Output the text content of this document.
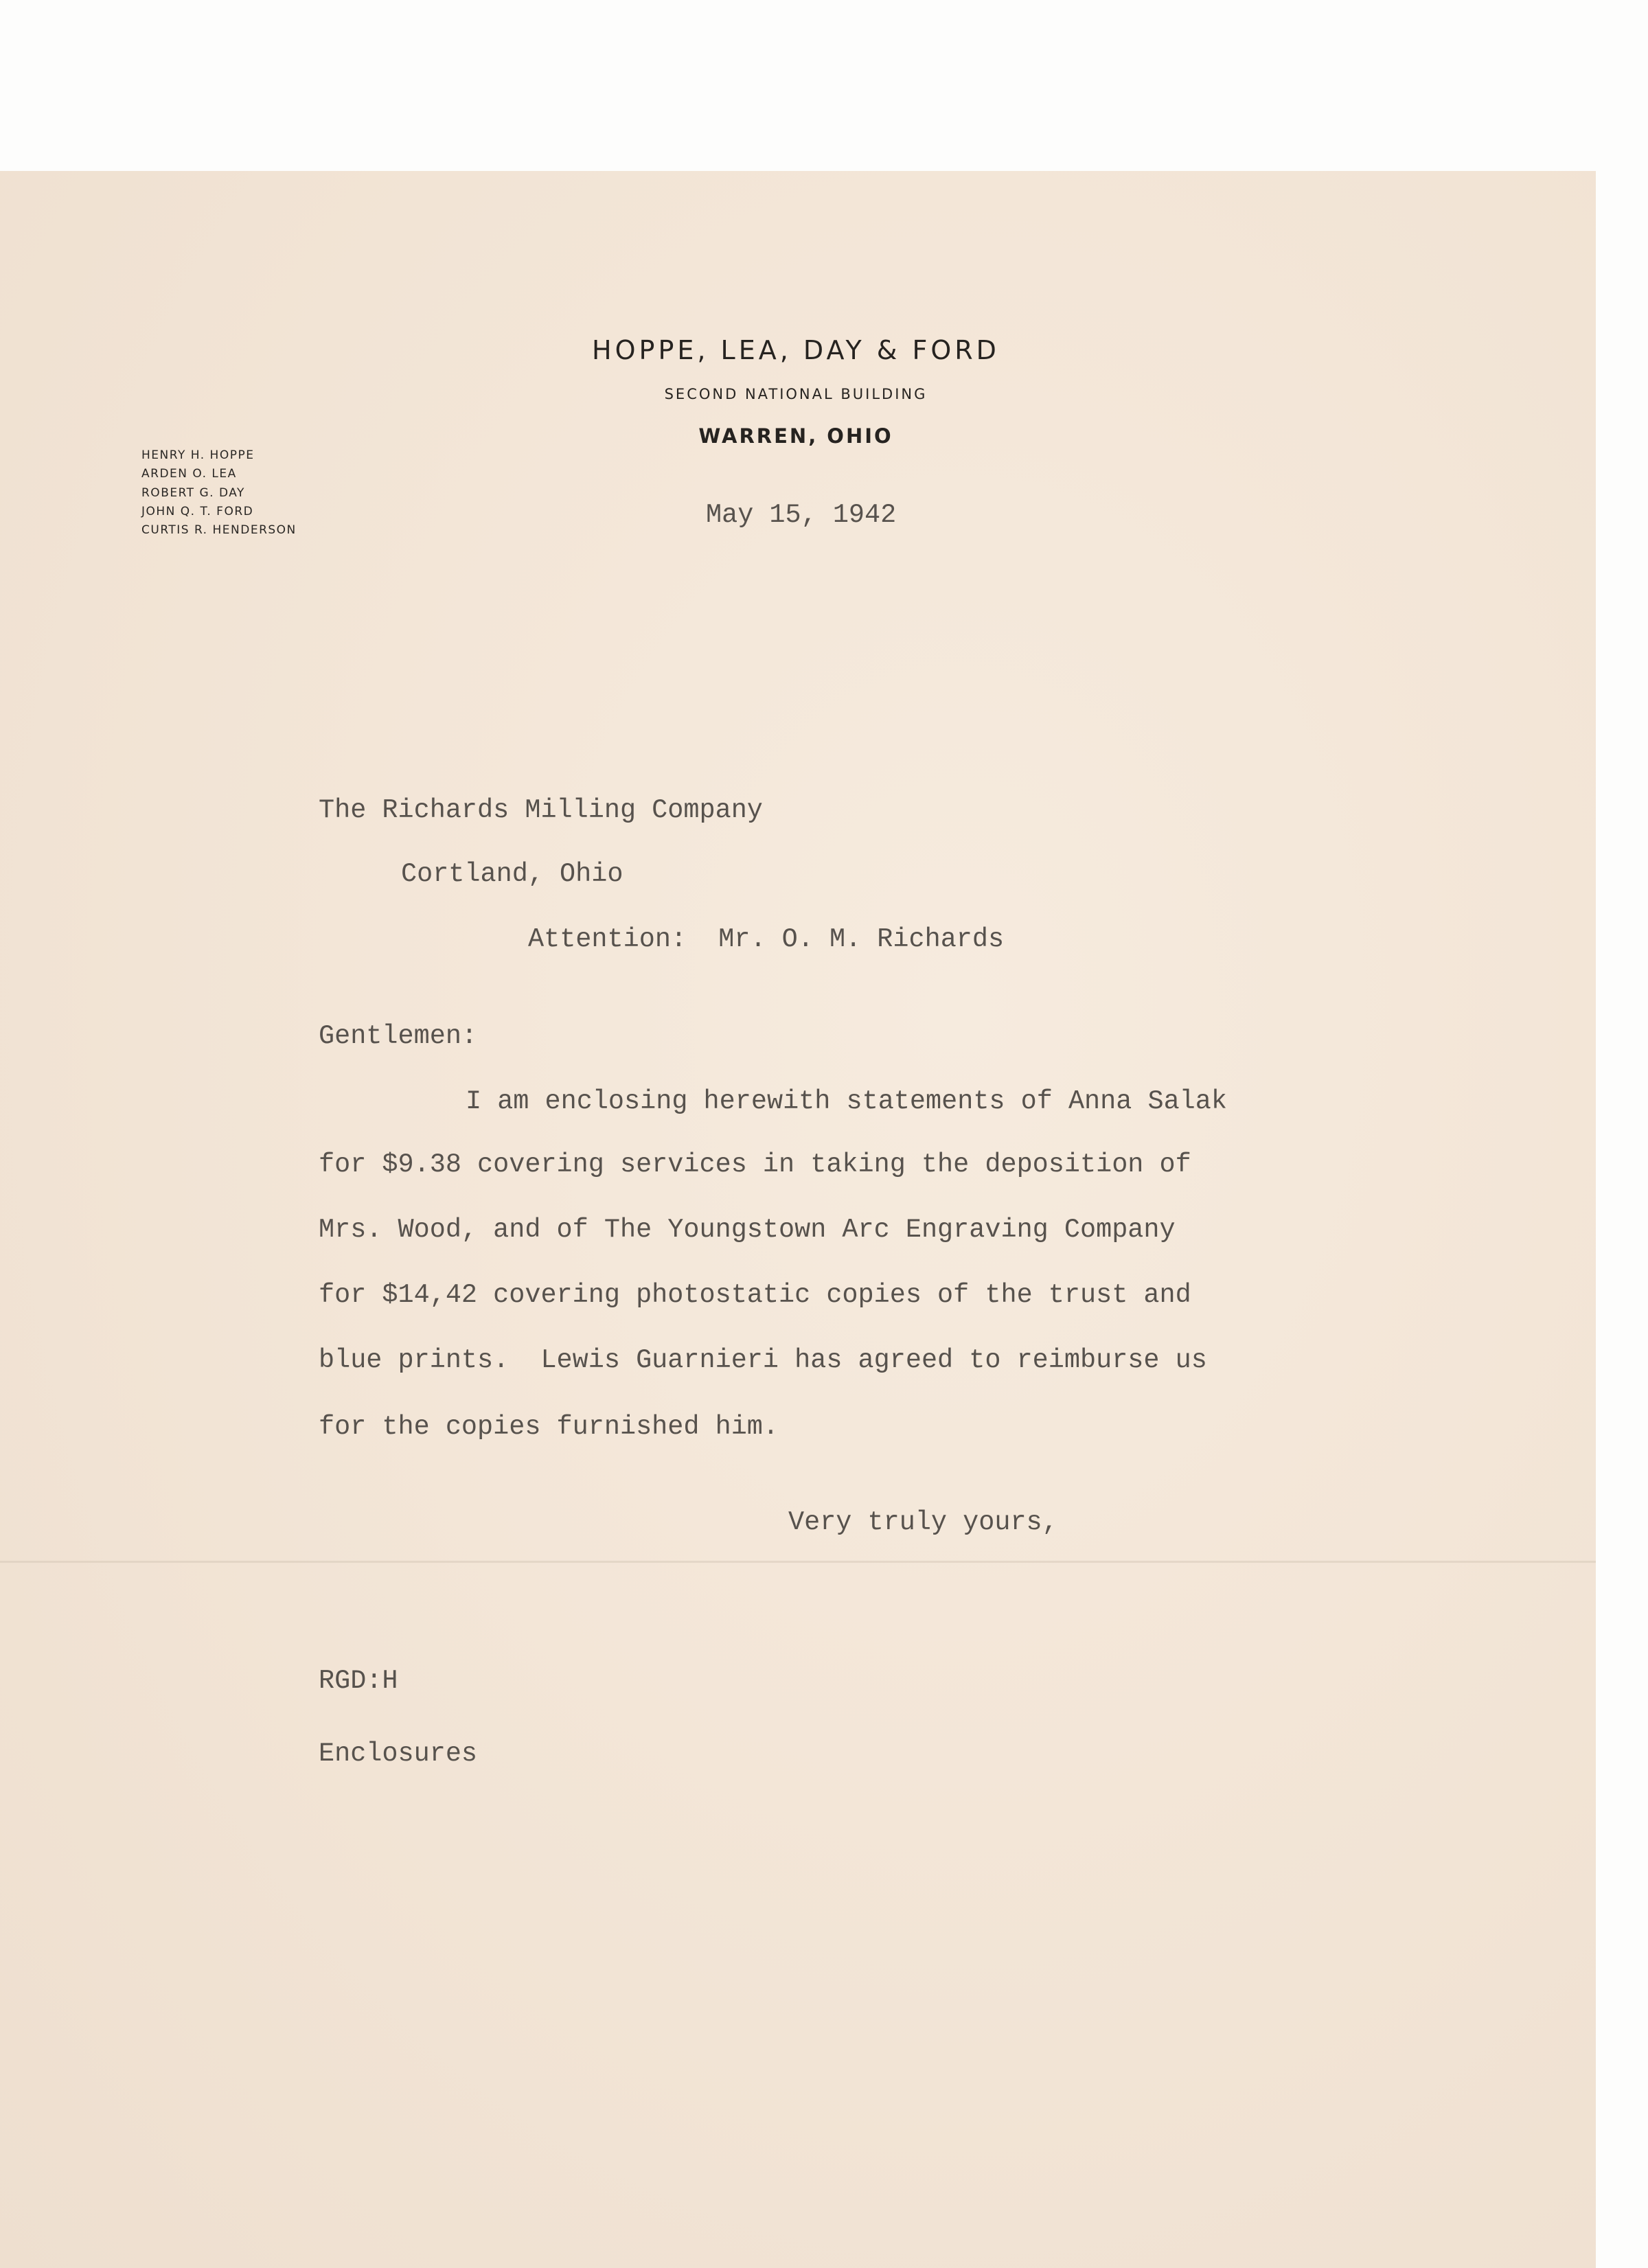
HOPPE, LEA, DAY & FORD
SECOND NATIONAL BUILDING
WARREN, OHIO
HENRY H. HOPPE
ARDEN O. LEA
ROBERT G. DAY
JOHN Q. T. FORD
CURTIS R. HENDERSON
May 15, 1942
The Richards Milling Company
Cortland, Ohio
Attention:  Mr. O. M. Richards
Gentlemen:
I am enclosing herewith statements of Anna Salak
for $9.38 covering services in taking the deposition of
Mrs. Wood, and of The Youngstown Arc Engraving Company
for $14,42 covering photostatic copies of the trust and
blue prints.  Lewis Guarnieri has agreed to reimburse us
for the copies furnished him.
Very truly yours,
RGD:H
Enclosures
